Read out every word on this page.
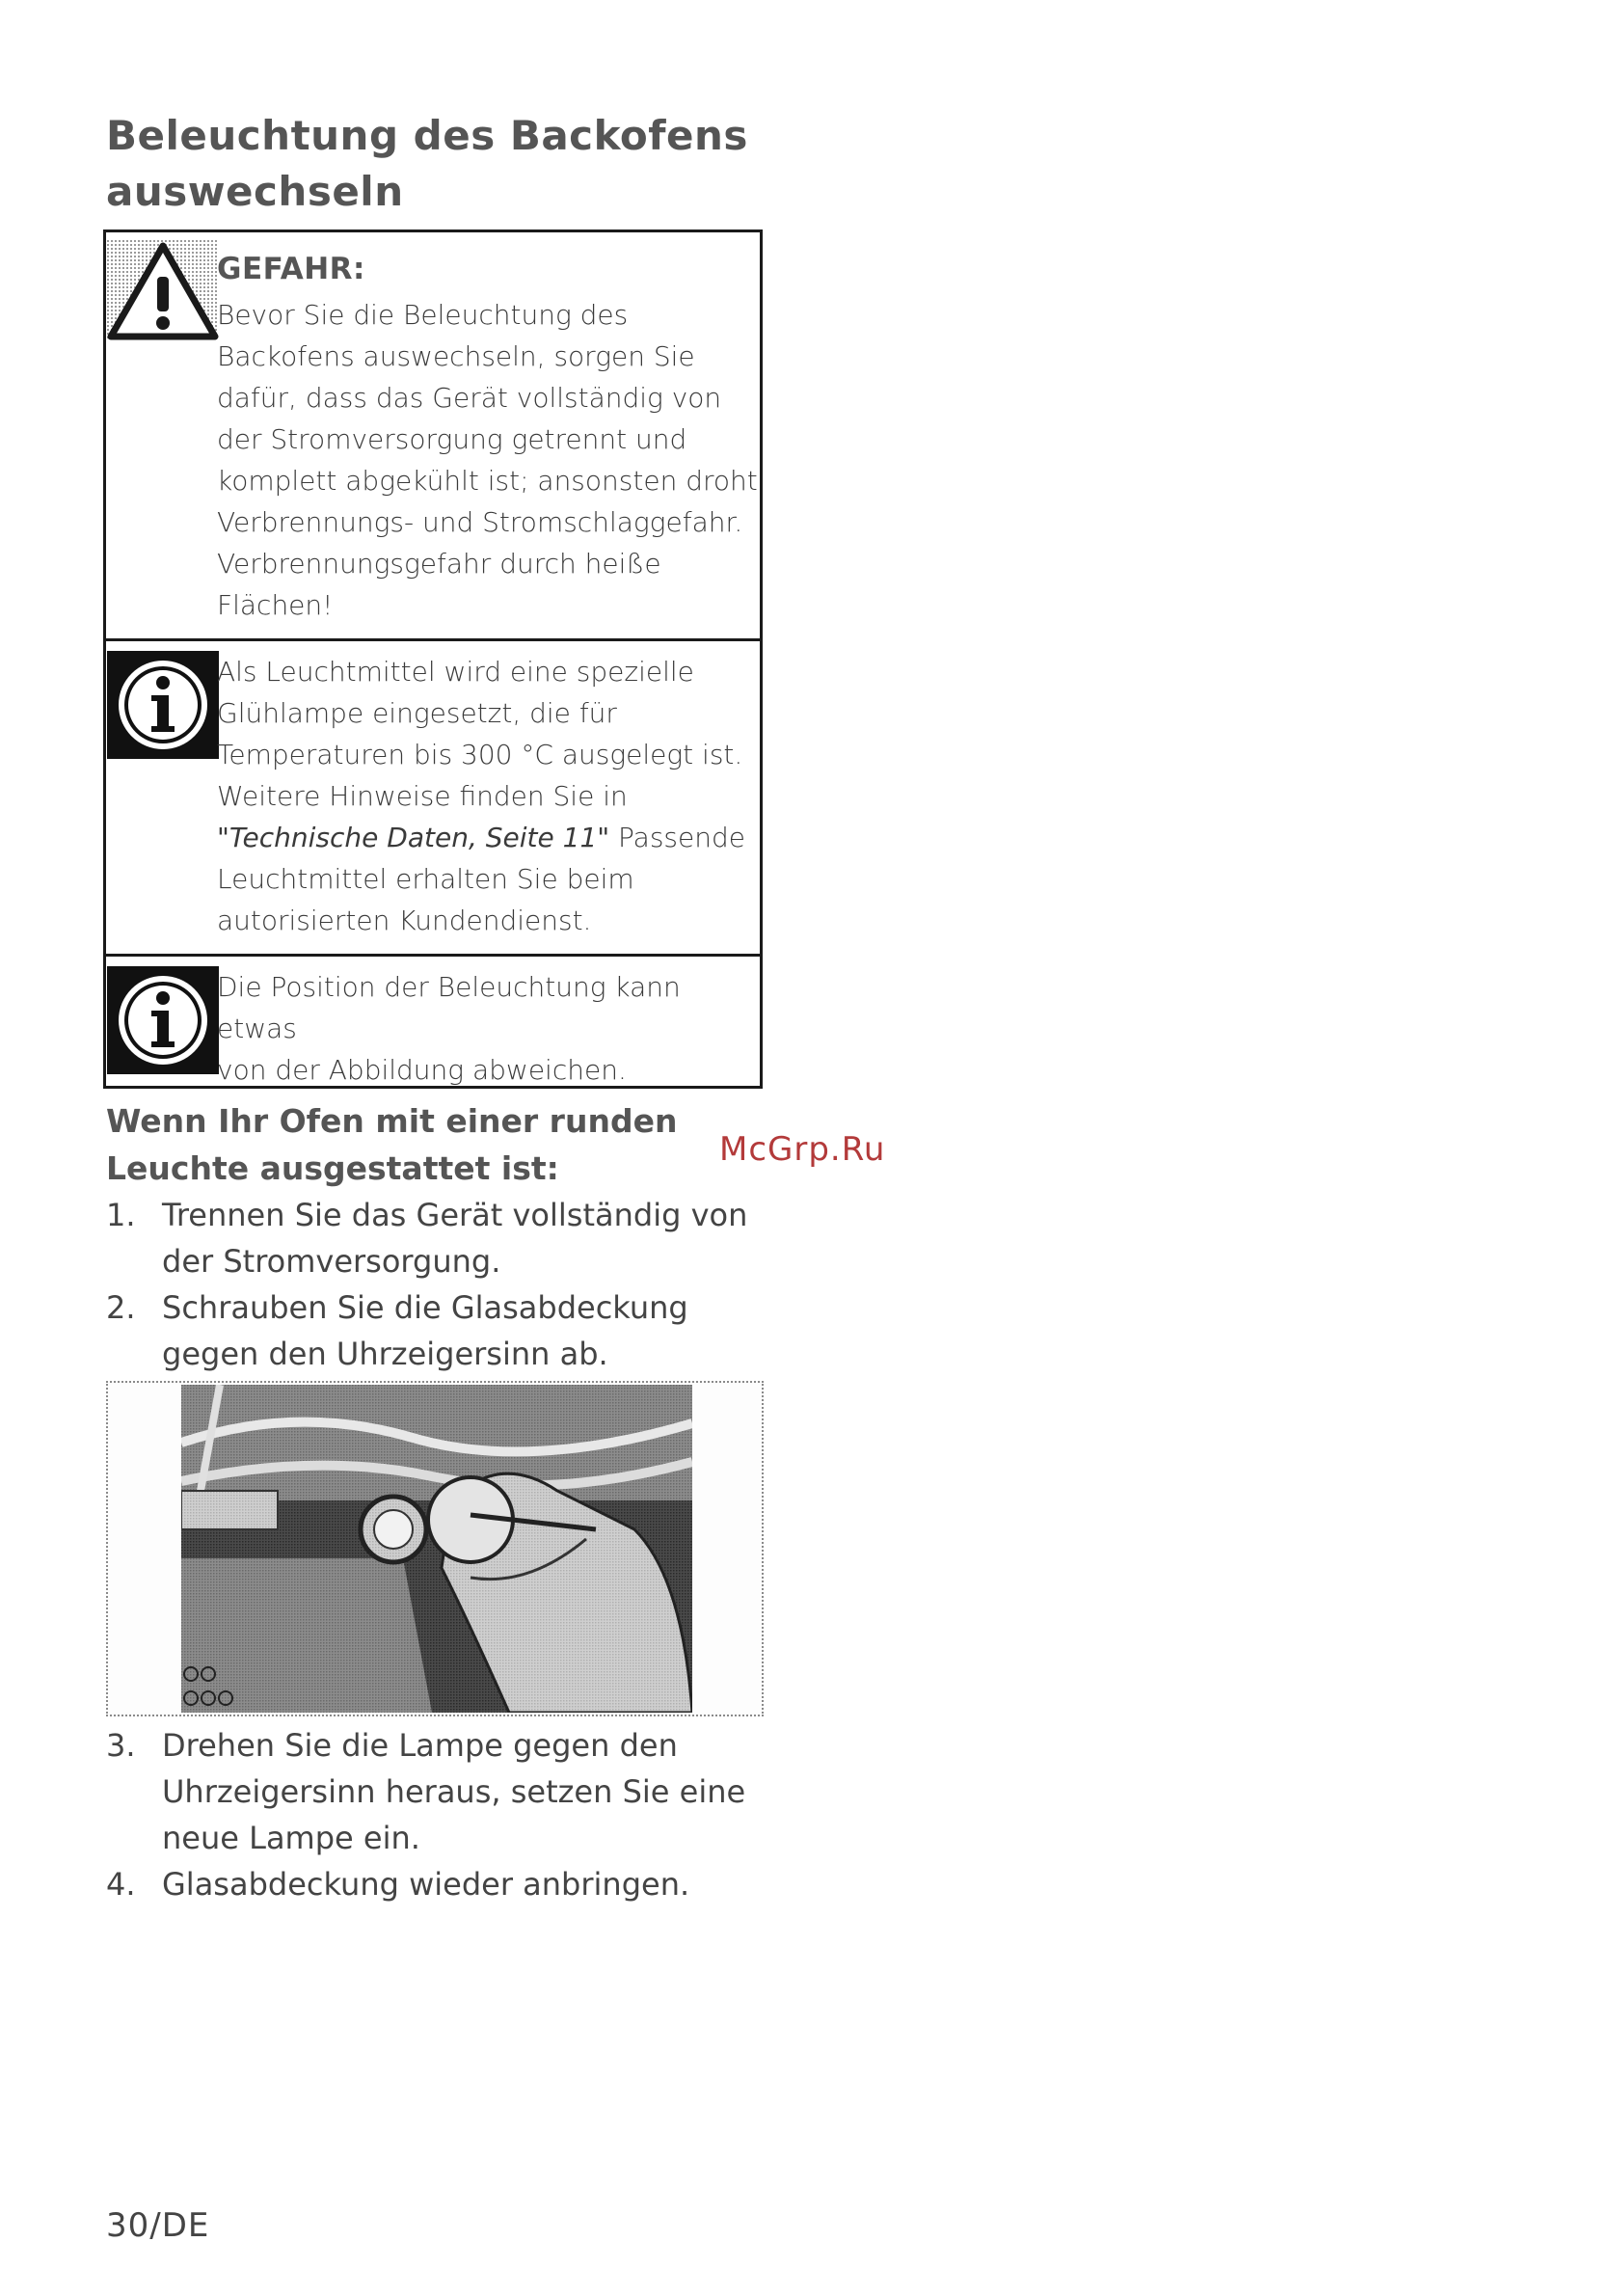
Beleuchtung des Backofens
auswechseln
GEFAHR:
Bevor Sie die Beleuchtung des
Backofens auswechseln, sorgen Sie
dafür, dass das Gerät vollständig von
der Stromversorgung getrennt und
komplett abgekühlt ist; ansonsten droht
Verbrennungs- und Stromschlaggefahr.
Verbrennungsgefahr durch heiße
Flächen!
Als Leuchtmittel wird eine spezielle
Glühlampe eingesetzt, die für
Temperaturen bis 300 °C ausgelegt ist.
Weitere Hinweise finden Sie in
"Technische Daten, Seite 11" Passende
Leuchtmittel erhalten Sie beim
autorisierten Kundendienst.
Die Position der Beleuchtung kann etwas
von der Abbildung abweichen.
McGrp.Ru
Wenn Ihr Ofen mit einer runden
Leuchte ausgestattet ist:
1. Trennen Sie das Gerät vollständig von
der Stromversorgung.
2. Schrauben Sie die Glasabdeckung
gegen den Uhrzeigersinn ab.
3. Drehen Sie die Lampe gegen den
Uhrzeigersinn heraus, setzen Sie eine
neue Lampe ein.
4. Glasabdeckung wieder anbringen.
30/DE
